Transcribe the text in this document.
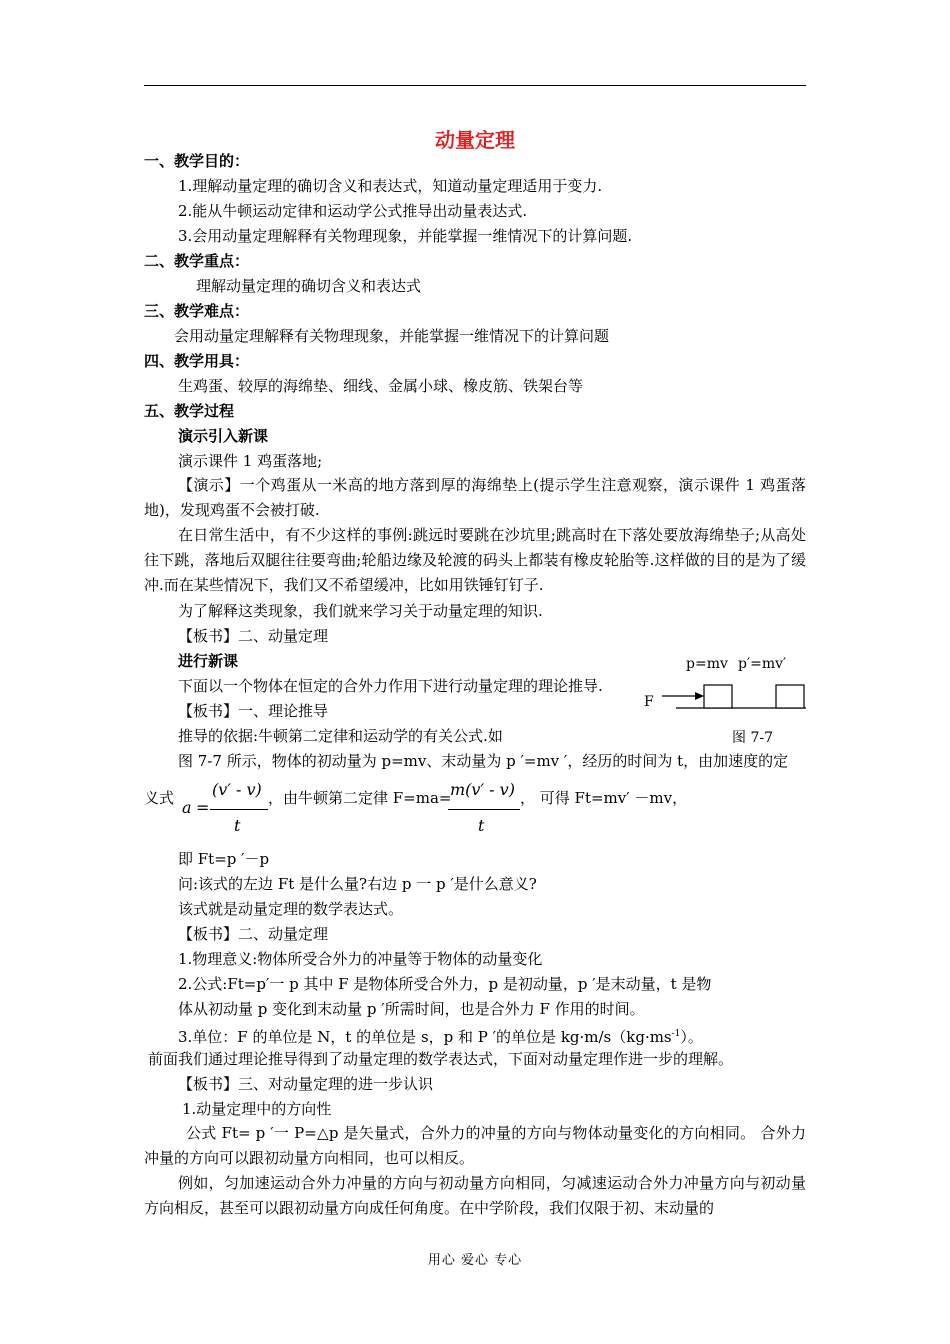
动量定理
一、教学目的：
1.理解动量定理的确切含义和表达式，知道动量定理适用于变力.
2.能从牛顿运动定律和运动学公式推导出动量表达式.
3.会用动量定理解释有关物理现象，并能掌握一维情况下的计算问题.
二、教学重点：
理解动量定理的确切含义和表达式
三、教学难点：
会用动量定理解释有关物理现象，并能掌握一维情况下的计算问题
四、教学用具：
生鸡蛋、较厚的海绵垫、细线、金属小球、橡皮筋、铁架台等
五、教学过程
演示引入新课
演示课件 1 鸡蛋落地;
【演示】一个鸡蛋从一米高的地方落到厚的海绵垫上(提示学生注意观察，演示课件 1 鸡蛋落地)，发现鸡蛋不会被打破.
在日常生活中，有不少这样的事例:跳远时要跳在沙坑里;跳高时在下落处要放海绵垫子;从高处往下跳，落地后双腿往往要弯曲;轮船边缘及轮渡的码头上都装有橡皮轮胎等.这样做的目的是为了缓冲.而在某些情况下，我们又不希望缓冲，比如用铁锤钉钉子.
为了解释这类现象，我们就来学习关于动量定理的知识.
【板书】二、动量定理
进行新课
下面以一个物体在恒定的合外力作用下进行动量定理的理论推导.
【板书】一、理论推导
推导的依据:牛顿第二定律和运动学的有关公式.如
图 7-7 所示，物体的初动量为 p=mv、末动量为 p ′=mv ′，经历的时间为 t，由加速度的定
p=mv p′=mv′
F
图 7-7
义式 a =
(v′ - v)
t
，由牛顿第二定律 F=ma=
m(v′ - v)
t
， 可得 Ft=mv′ －mv，
即 Ft=p ′－p
问:该式的左边 Ft 是什么量?右边 p 一 p ′是什么意义?
该式就是动量定理的数学表达式。
【板书】二、动量定理
1.物理意义:物体所受合外力的冲量等于物体的动量变化
2.公式:Ft=p′一 p 其中 F 是物体所受合外力，p 是初动量，p ′是末动量，t 是物
体从初动量 p 变化到末动量 p ′所需时间，也是合外力 F 作用的时间。
3.单位：F 的单位是 N，t 的单位是 s，p 和 P ′的单位是 $kg\cdot m/s(kg\cdot ms^{-1})$。
前面我们通过理论推导得到了动量定理的数学表达式，下面对动量定理作进一步的理解。
【板书】三、对动量定理的进一步认识
1.动量定理中的方向性
公式 Ft= p ′一 P=△p 是矢量式，合外力的冲量的方向与物体动量变化的方向相同。 合外力冲量的方向可以跟初动量方向相同，也可以相反。
例如，匀加速运动合外力冲量的方向与初动量方向相同，匀减速运动合外力冲量方向与初动量方向相反，甚至可以跟初动量方向成任何角度。在中学阶段，我们仅限于初、末动量的
用心 爱心 专心
